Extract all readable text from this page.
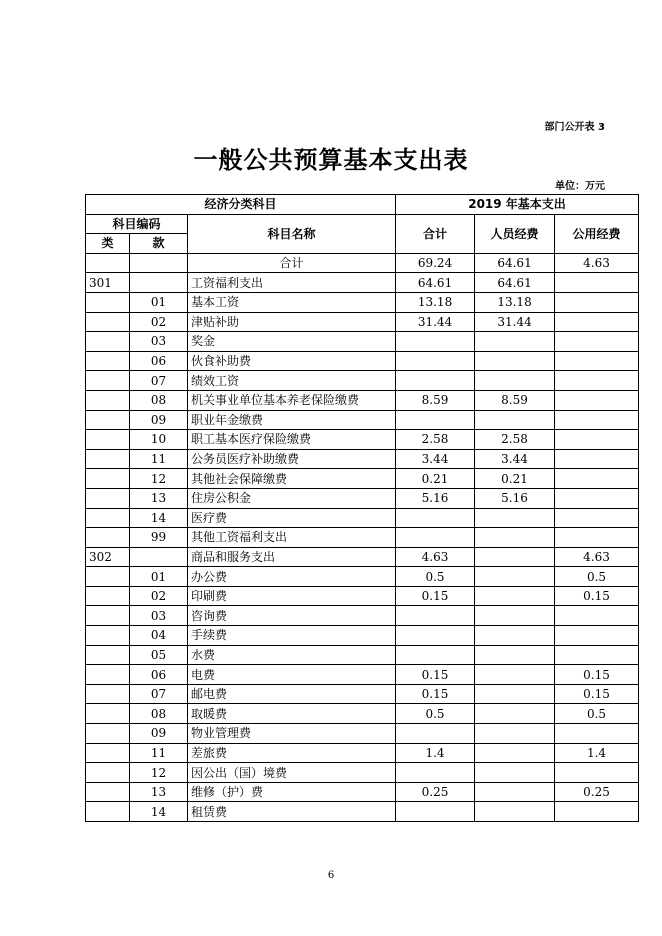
部门公开表 3
一般公共预算基本支出表
单位：万元
经济分类科目			2019 年基本支出		
科目编码		科目名称	合计	人员经费	公用经费
类	款				
		合计	69.24	64.61	4.63
301		工资福利支出	64.61	64.61	
	01	基本工资	13.18	13.18	
	02	津贴补助	31.44	31.44	
	03	奖金			
	06	伙食补助费			
	07	绩效工资			
	08	机关事业单位基本养老保险缴费	8.59	8.59	
	09	职业年金缴费			
	10	职工基本医疗保险缴费	2.58	2.58	
	11	公务员医疗补助缴费	3.44	3.44	
	12	其他社会保障缴费	0.21	0.21	
	13	住房公积金	5.16	5.16	
	14	医疗费			
	99	其他工资福利支出			
302		商品和服务支出	4.63		4.63
	01	办公费	0.5		0.5
	02	印刷费	0.15		0.15
	03	咨询费			
	04	手续费			
	05	水费			
	06	电费	0.15		0.15
	07	邮电费	0.15		0.15
	08	取暖费	0.5		0.5
	09	物业管理费			
	11	差旅费	1.4		1.4
	12	因公出（国）境费			
	13	维修（护）费	0.25		0.25
	14	租赁费			
6
